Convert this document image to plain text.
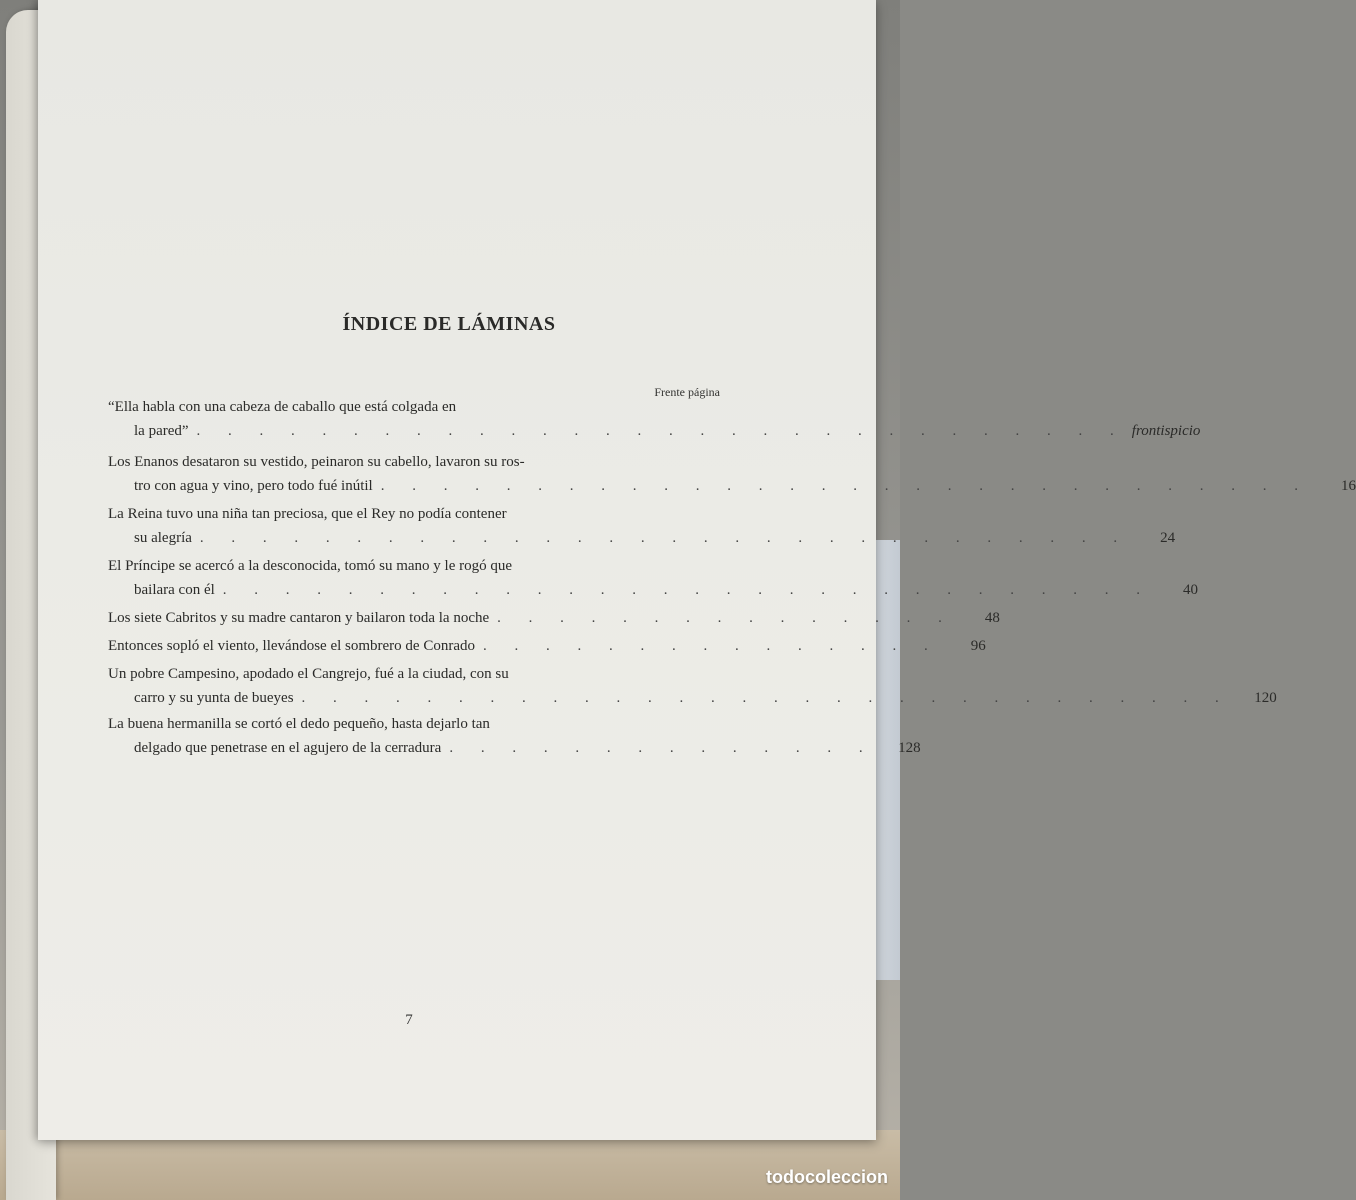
ÍNDICE DE LÁMINAS
Frente página
“Ella habla con una cabeza de caballo que está colgada en
la pared” . . . . . . . . . . . . . . . . . . . . . . . . . . . . . . frontispicio
Los Enanos desataron su vestido, peinaron su cabello, lavaron su ros-
tro con agua y vino, pero todo fué inútil . . . . . . . . . . . . . . . . . . . . . . . . . . . . . .	16
La Reina tuvo una niña tan preciosa, que el Rey no podía contener
su alegría . . . . . . . . . . . . . . . . . . . . . . . . . . . . . .	24
El Príncipe se acercó a la desconocida, tomó su mano y le rogó que
bailara con él . . . . . . . . . . . . . . . . . . . . . . . . . . . . . .	40
Los siete Cabritos y su madre cantaron y bailaron toda la noche . . . . . . . . . . . . . . .	48
Entonces sopló el viento, llevándose el sombrero de Conrado . . . . . . . . . . . . . . .	96
Un pobre Campesino, apodado el Cangrejo, fué a la ciudad, con su
carro y su yunta de bueyes . . . . . . . . . . . . . . . . . . . . . . . . . . . . . .	120
La buena hermanilla se cortó el dedo pequeño, hasta dejarlo tan
delgado que penetrase en el agujero de la cerradura . . . . . . . . . . . . . .	128
7
todocoleccion
